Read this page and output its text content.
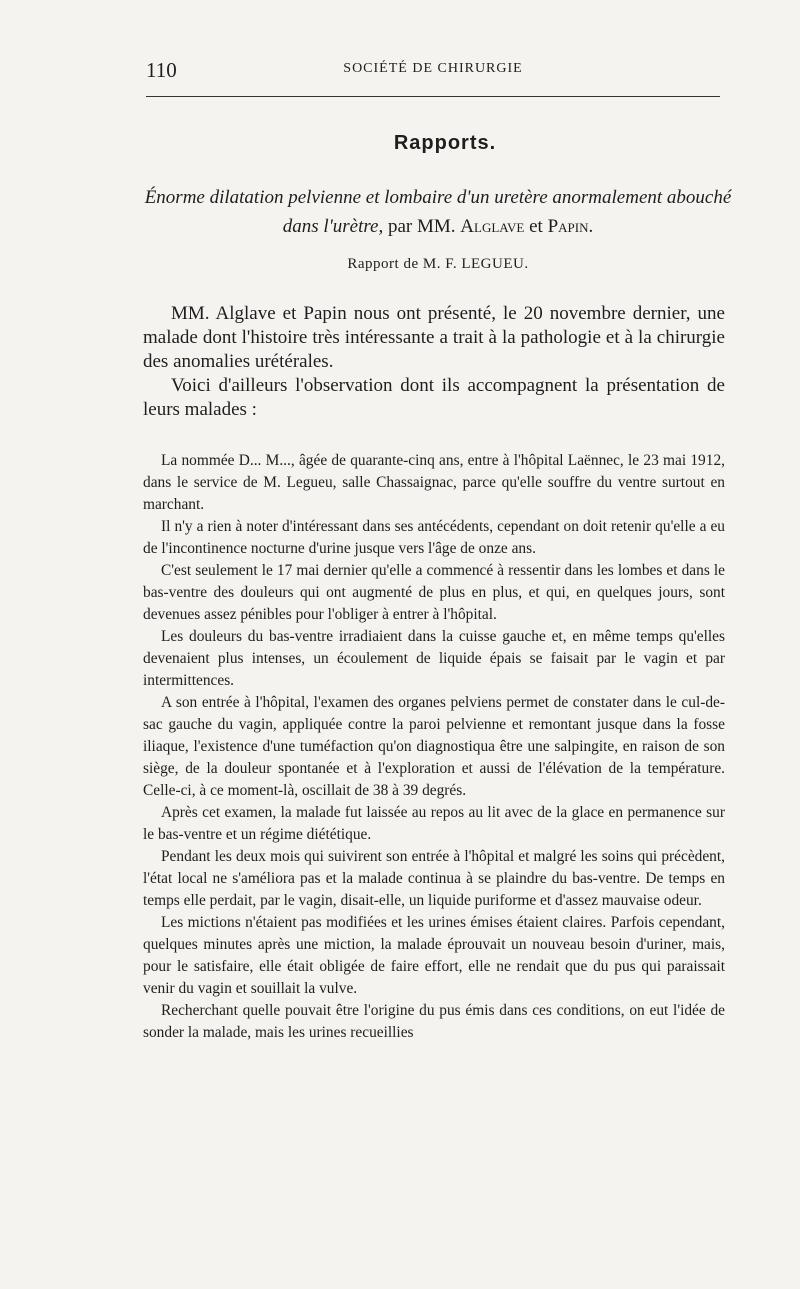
110	SOCIÉTÉ DE CHIRURGIE
Rapports.
Énorme dilatation pelvienne et lombaire d'un uretère anormalement abouché dans l'urètre, par MM. Alglave et Papin.
Rapport de M. F. LEGUEU.

MM. Alglave et Papin nous ont présenté, le 20 novembre dernier, une malade dont l'histoire très intéressante a trait à la pathologie et à la chirurgie des anomalies urétérales.

Voici d'ailleurs l'observation dont ils accompagnent la présentation de leurs malades :

La nommée D... M..., âgée de quarante-cinq ans, entre à l'hôpital Laënnec, le 23 mai 1912, dans le service de M. Legueu, salle Chassaignac, parce qu'elle souffre du ventre surtout en marchant.

Il n'y a rien à noter d'intéressant dans ses antécédents, cependant on doit retenir qu'elle a eu de l'incontinence nocturne d'urine jusque vers l'âge de onze ans.

C'est seulement le 17 mai dernier qu'elle a commencé à ressentir dans les lombes et dans le bas-ventre des douleurs qui ont augmenté de plus en plus, et qui, en quelques jours, sont devenues assez pénibles pour l'obliger à entrer à l'hôpital.

Les douleurs du bas-ventre irradiaient dans la cuisse gauche et, en même temps qu'elles devenaient plus intenses, un écoulement de liquide épais se faisait par le vagin et par intermittences.

A son entrée à l'hôpital, l'examen des organes pelviens permet de constater dans le cul-de-sac gauche du vagin, appliquée contre la paroi pelvienne et remontant jusque dans la fosse iliaque, l'existence d'une tuméfaction qu'on diagnostiqua être une salpingite, en raison de son siège, de la douleur spontanée et à l'exploration et aussi de l'élévation de la température. Celle-ci, à ce moment-là, oscillait de 38 à 39 degrés.

Après cet examen, la malade fut laissée au repos au lit avec de la glace en permanence sur le bas-ventre et un régime diététique.

Pendant les deux mois qui suivirent son entrée à l'hôpital et malgré les soins qui précèdent, l'état local ne s'améliora pas et la malade continua à se plaindre du bas-ventre. De temps en temps elle perdait, par le vagin, disait-elle, un liquide puriforme et d'assez mauvaise odeur.

Les mictions n'étaient pas modifiées et les urines émises étaient claires. Parfois cependant, quelques minutes après une miction, la malade éprouvait un nouveau besoin d'uriner, mais, pour le satisfaire, elle était obligée de faire effort, elle ne rendait que du pus qui paraissait venir du vagin et souillait la vulve.

Recherchant quelle pouvait être l'origine du pus émis dans ces conditions, on eut l'idée de sonder la malade, mais les urines recueillies
